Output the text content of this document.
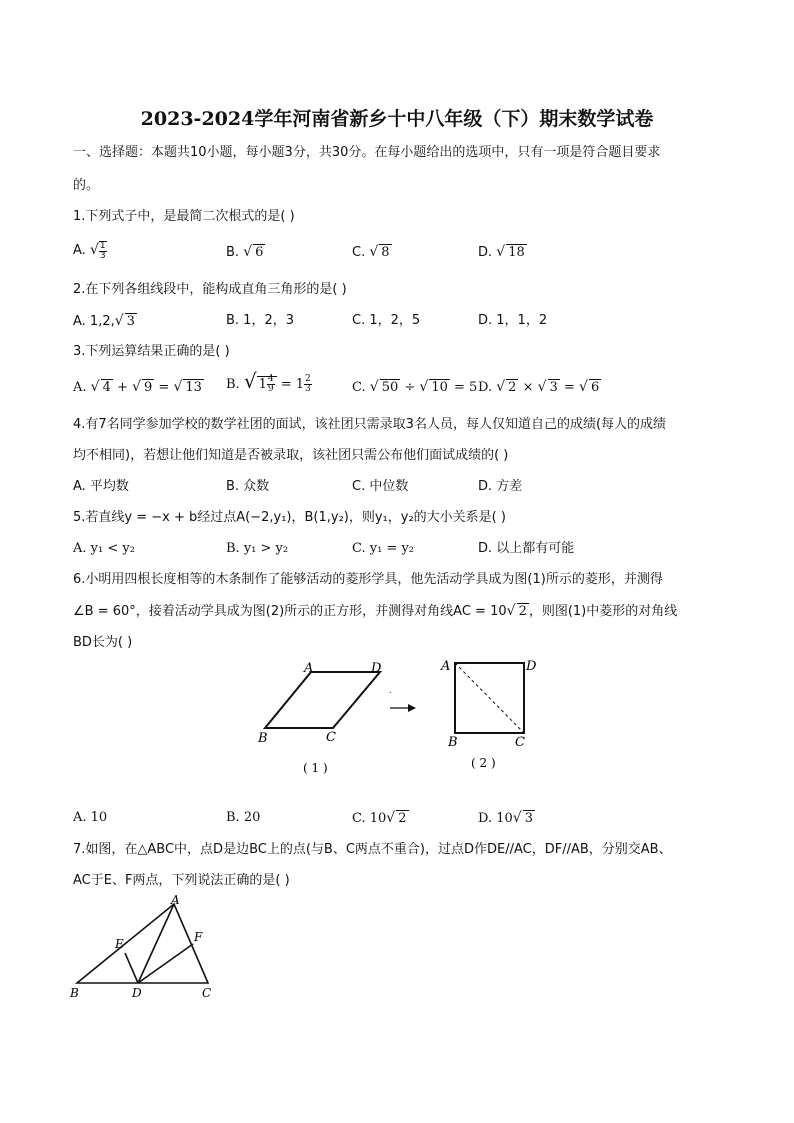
2023-2024学年河南省新乡十中八年级（下）期末数学试卷
一、选择题：本题共10小题，每小题3分，共30分。在每小题给出的选项中，只有一项是符合题目要求
的。
1.下列式子中，是最简二次根式的是( )
A. √ $\frac{1}{3}$	B. √ 6	C. √ 8	D. √ 18
2.在下列各组线段中，能构成直角三角形的是( )
A. 1,2,√ 3	B. 1，2，3	C. 1，2，5	D. 1，1，2
3.下列运算结果正确的是( )
A. √ 4 + √ 9 = √ 13 B. √ $1 \frac{4}{9} = 1 \frac{2}{3}$	C. √ 50 ÷ √ 10 = 5 D. √ 2 × √ 3 = √ 6
4.有7名同学参加学校的数学社团的面试，该社团只需录取3名人员，每人仅知道自己的成绩(每人的成绩
均不相同)，若想让他们知道是否被录取，该社团只需公布他们面试成绩的( )
A. 平均数	B. 众数	C. 中位数	D. 方差
5.若直线y = −x + b经过点A(−2,y₁)，B(1,y₂)，则y₁，y₂的大小关系是( )
A. y₁ < y₂	B. y₁ > y₂	C. y₁ = y₂	D. 以上都有可能
6.小明用四根长度相等的木条制作了能够活动的菱形学具，他先活动学具成为图(1)所示的菱形，并测得
∠B = 60°，接着活动学具成为图(2)所示的正方形，并测得对角线AC = 10√ 2 ，则图(1)中菱形的对角线
BD长为( )
A	D
B	C
( 1 )
.
A	D
B	C
( 2 )
A. 10	B. 20	C. 10√ 2	D. 10√ 3
7.如图，在△ABC中，点D是边BC上的点(与B、C两点不重合)，过点D作DE//AC，DF//AB，分别交AB、
AC于E、F两点，下列说法正确的是( )
A
B	C
D
E	F
